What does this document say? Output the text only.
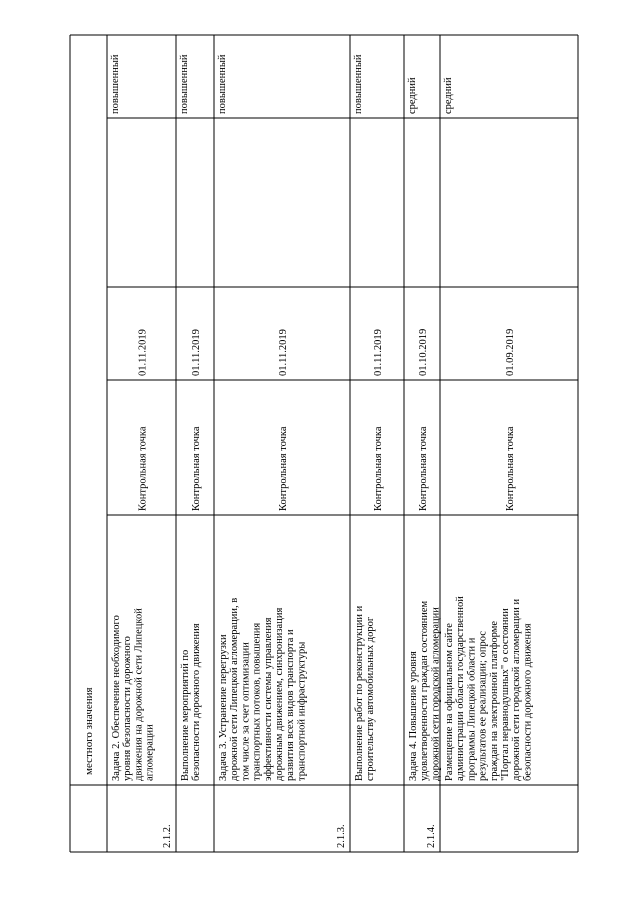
местного значения
2.1.2.
Задача 2. Обеспечение необходимого уровня безопасности дорожного движения на дорожной сети Липецкой агломерации
Контрольная точка
01.11.2019
повышенный
Выполнение мероприятий по безопасности дорожного движения
Контрольная точка
01.11.2019
повышенный
2.1.3.
Задача 3. Устранение перегрузки дорожной сети Липецкой агломерации, в том числе за счет оптимизации транспортных потоков, повышения эффективности системы управления дорожным движением, синхронизация развития всех видов транспорта и транспортной инфраструктуры
Контрольная точка
01.11.2019
повышенный
Выполнение работ по реконструкции и строительству автомобильных дорог
Контрольная точка
01.11.2019
повышенный
2.1.4.
Задача 4. Повышение уровня удовлетворенности граждан состоянием дорожной сети городской агломерации
Контрольная точка
01.10.2019
средний
Размещение на официальном сайте администрации области государственной программы Липецкой области и результатов ее реализации; опрос граждан на электронной платформе "Портал неравнодушных" о состоянии дорожной сети городской агломерации и безопасности дорожного движения
Контрольная точка
01.09.2019
средний
